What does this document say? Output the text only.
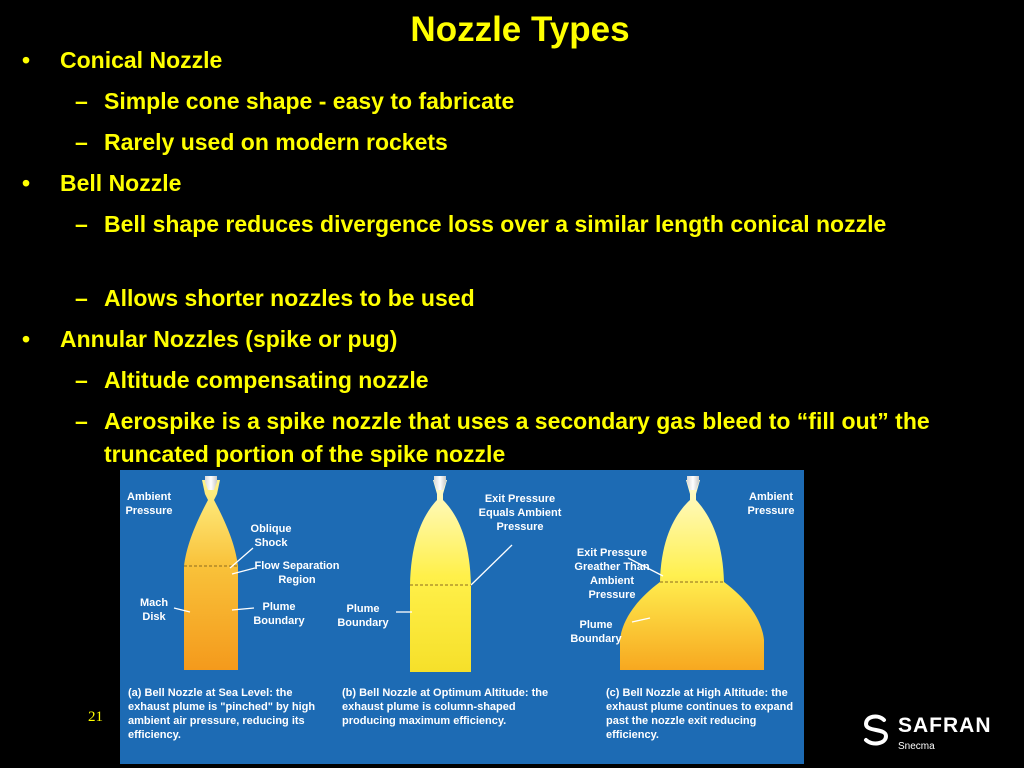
Nozzle Types
• Conical Nozzle
– Simple cone shape - easy to fabricate
– Rarely used on modern rockets
• Bell Nozzle
– Bell shape reduces divergence loss over a similar length conical nozzle
– Allows shorter nozzles to be used
• Annular Nozzles (spike or pug)
– Altitude compensating nozzle
– Aerospike is a spike nozzle that uses a secondary gas bleed to “fill out” the truncated portion of the spike nozzle
Ambient Pressure
Oblique Shock
Flow Separation Region
Mach Disk
Plume Boundary
Exit Pressure Equals Ambient Pressure
Plume Boundary
Ambient Pressure
Exit Pressure Greather Than Ambient Pressure
Plume Boundary
(a) Bell Nozzle at Sea Level: the exhaust plume is "pinched" by high ambient air pressure, reducing its efficiency.
(b) Bell Nozzle at Optimum Altitude: the exhaust plume is column-shaped producing maximum efficiency.
(c) Bell Nozzle at High Altitude: the exhaust plume continues to expand past the nozzle exit reducing efficiency.
21	SAFRAN
Snecma
